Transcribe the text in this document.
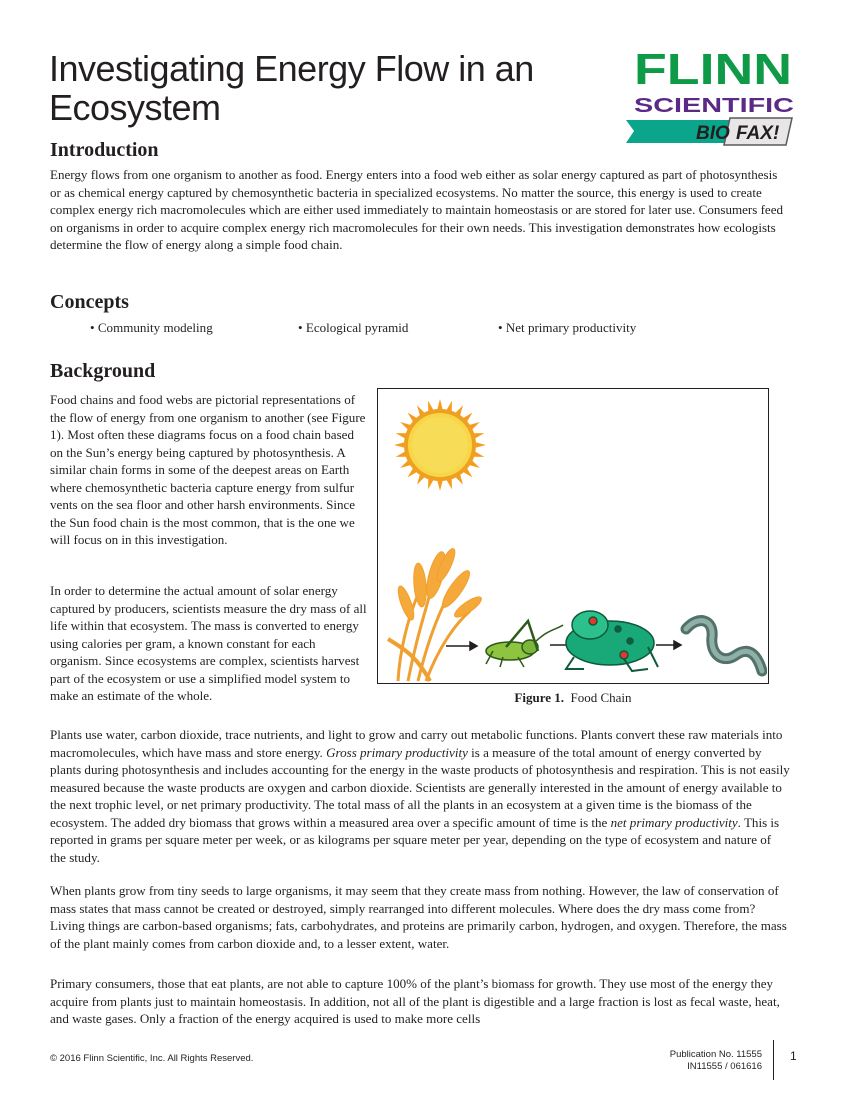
Investigating Energy Flow in an Ecosystem
FLINN
SCIENTIFIC
BIO FAX!
Introduction

Energy flows from one organism to another as food. Energy enters into a food web either as solar energy captured as part of photosynthesis or as chemical energy captured by chemosynthetic bacteria in specialized ecosystems. No matter the source, this energy is used to create complex energy rich macromolecules which are either used immediately to maintain homeostasis or are stored for later use. Consumers feed on organisms in order to acquire complex energy rich macromolecules for their own needs. This investigation demonstrates how ecologists determine the flow of energy along a simple food chain.

Concepts
• Community modeling	• Ecological pyramid	• Net primary productivity
Background

Food chains and food webs are pictorial representations of the flow of energy from one organism to another (see Figure 1). Most often these diagrams focus on a food chain based on the Sun’s energy being captured by photosynthesis. A similar chain forms in some of the deepest areas on Earth where chemosynthetic bacteria capture energy from sulfur vents on the sea floor and other harsh environments. Since the Sun food chain is the most common, that is the one we will focus on in this investigation.

In order to determine the actual amount of solar energy captured by producers, scientists measure the dry mass of all life within that ecosystem. The mass is converted to energy using calories per gram, a known constant for each organism. Since ecosystems are complex, scientists harvest part of the ecosystem or use a simplified model system to make an estimate of the whole.	Figure 1. Food Chain

Plants use water, carbon dioxide, trace nutrients, and light to grow and carry out metabolic functions. Plants convert these raw materials into macromolecules, which have mass and store energy. Gross primary productivity is a measure of the total amount of energy converted by plants during photosynthesis and includes accounting for the energy in the waste products of photosynthesis and respiration. This is not easily measured because the waste products are oxygen and carbon dioxide. Scientists are generally interested in the amount of energy available to the next trophic level, or net primary productivity. The total mass of all the plants in an ecosystem at a given time is the biomass of the ecosystem. The added dry biomass that grows within a measured area over a specific amount of time is the net primary productivity. This is reported in grams per square meter per week, or as kilograms per square meter per year, depending on the type of ecosystem and nature of the study.

When plants grow from tiny seeds to large organisms, it may seem that they create mass from nothing. However, the law of conservation of mass states that mass cannot be created or destroyed, simply rearranged into different molecules. Where does the dry mass come from? Living things are carbon-based organisms; fats, carbohydrates, and proteins are primarily carbon, hydrogen, and oxygen. Therefore, the mass of the plant mainly comes from carbon dioxide and, to a lesser extent, water.

Primary consumers, those that eat plants, are not able to capture 100% of the plant’s biomass for growth. They use most of the energy they acquire from plants just to maintain homeostasis. In addition, not all of the plant is digestible and a large fraction is lost as fecal waste, heat, and waste gases. Only a fraction of the energy acquired is used to make more cells

© 2016 Flinn Scientific, Inc. All Rights Reserved.	Publication No. 11555
IN11555 / 061616
1
